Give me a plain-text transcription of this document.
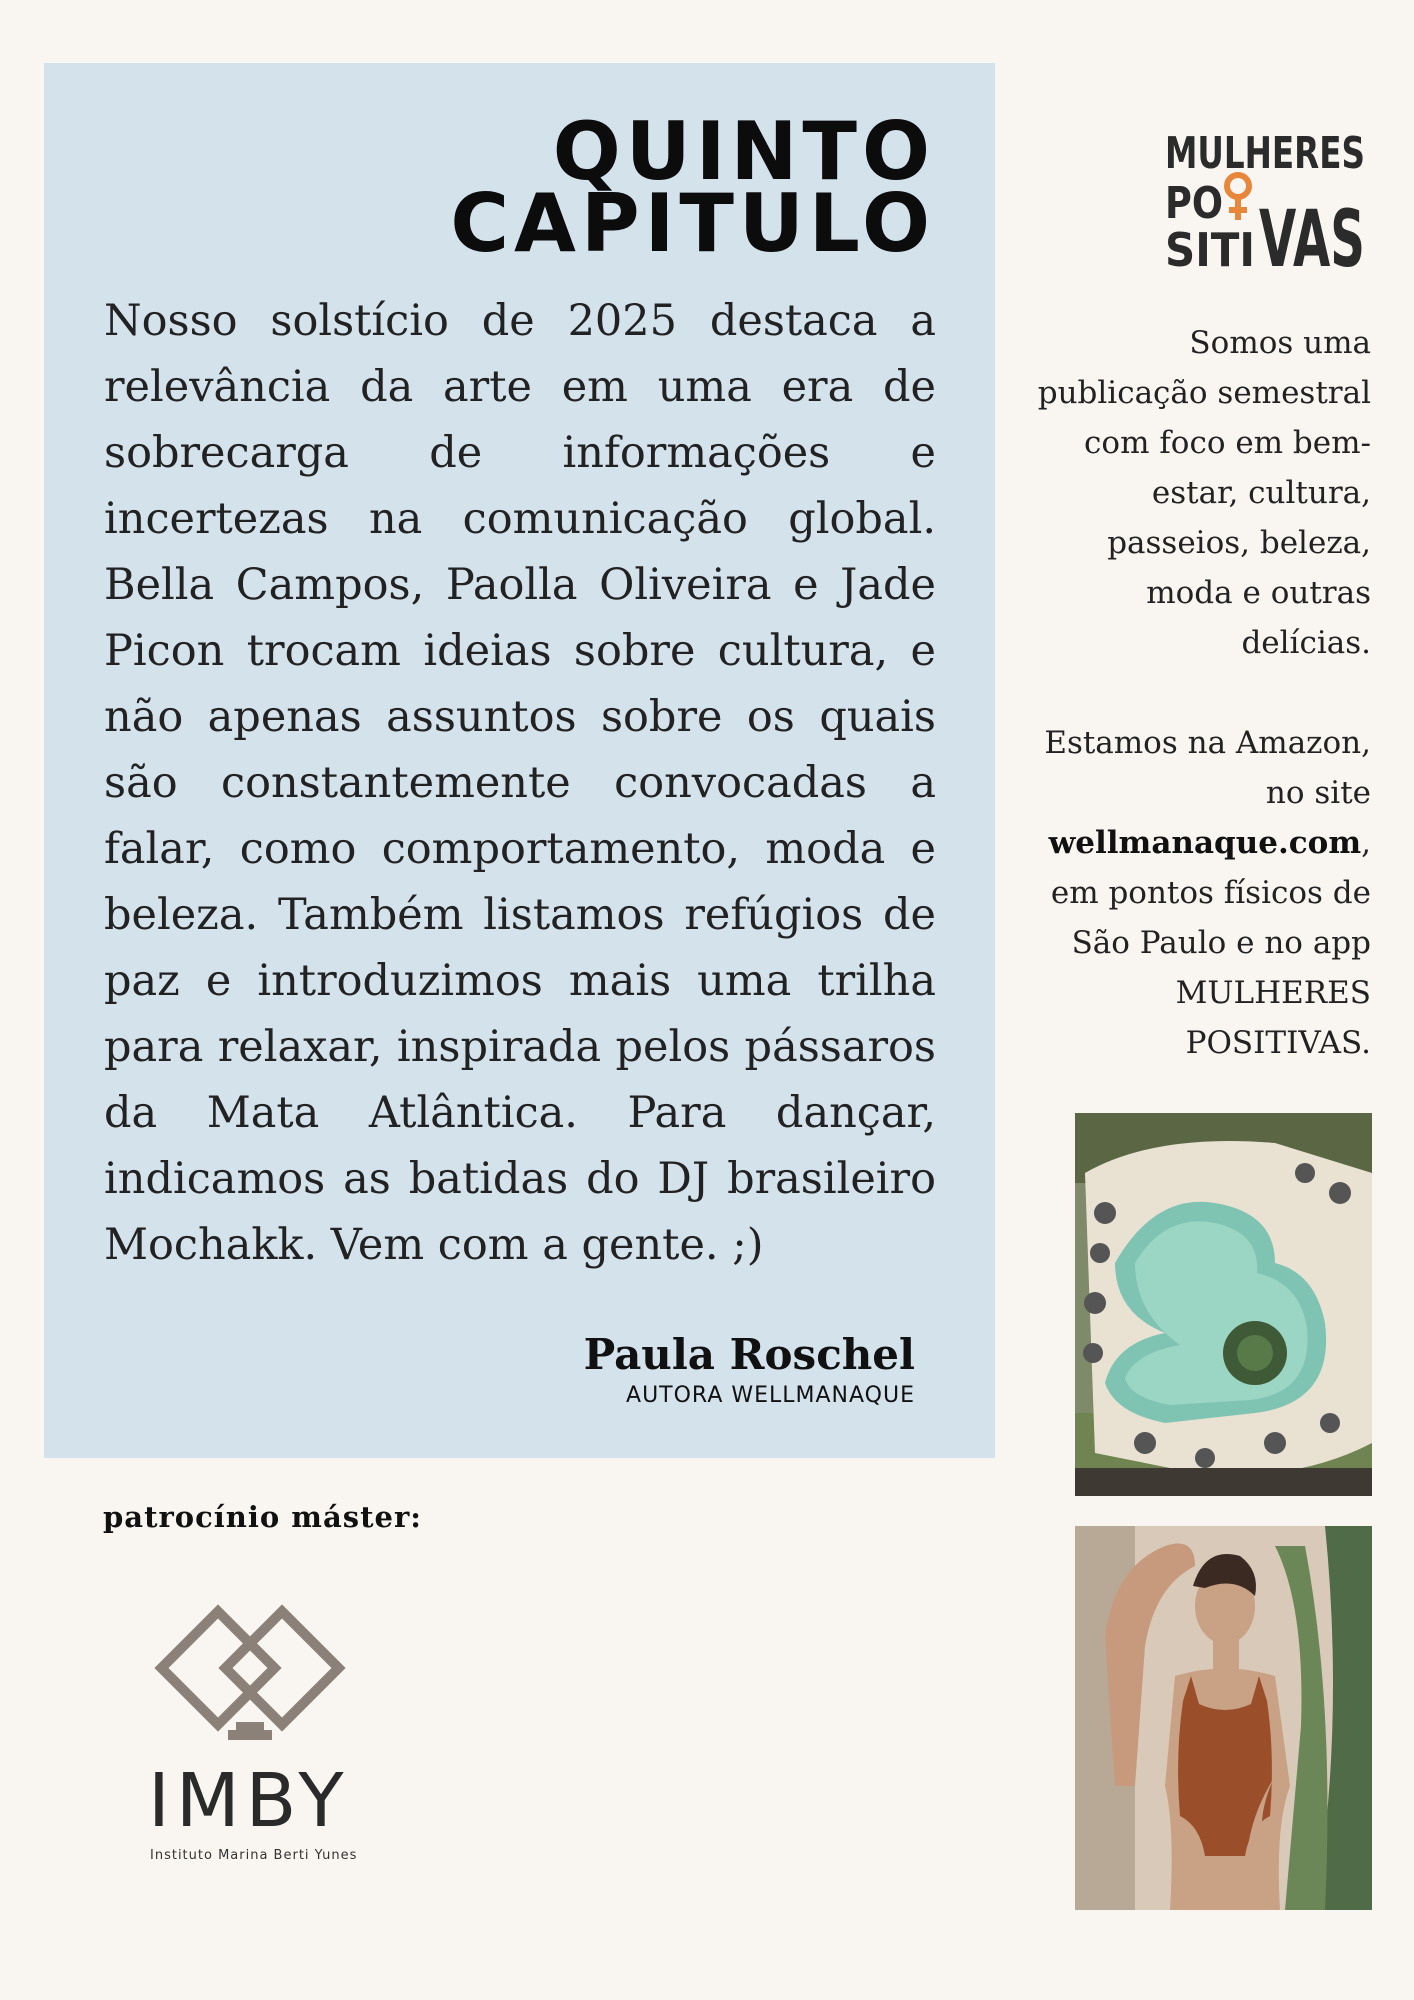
QUINTO
CAPITULO
Nosso solstício de 2025 destaca a relevância da arte em uma era de sobrecarga de informações e incertezas na comunicação global. Bella Campos, Paolla Oliveira e Jade Picon trocam ideias sobre cultura, e não apenas assuntos sobre os quais são constantemente convocadas a falar, como comportamento, moda e beleza. Também listamos refúgios de paz e introduzimos mais uma trilha para relaxar, inspirada pelos pássaros da Mata Atlântica. Para dançar, indicamos as batidas do DJ brasileiro Mochakk. Vem com a gente. ;)
Paula Roschel
AUTORA WELLMANAQUE
MULHERES
PO
SITI VAS

Somos uma publicação semestral com foco em bem-estar, cultura, passeios, beleza, moda e outras delícias.

Estamos na Amazon, no site wellmanaque.com, em pontos físicos de São Paulo e no app MULHERES POSITIVAS.

patrocínio máster:
IMBY
Instituto Marina Berti Yunes
